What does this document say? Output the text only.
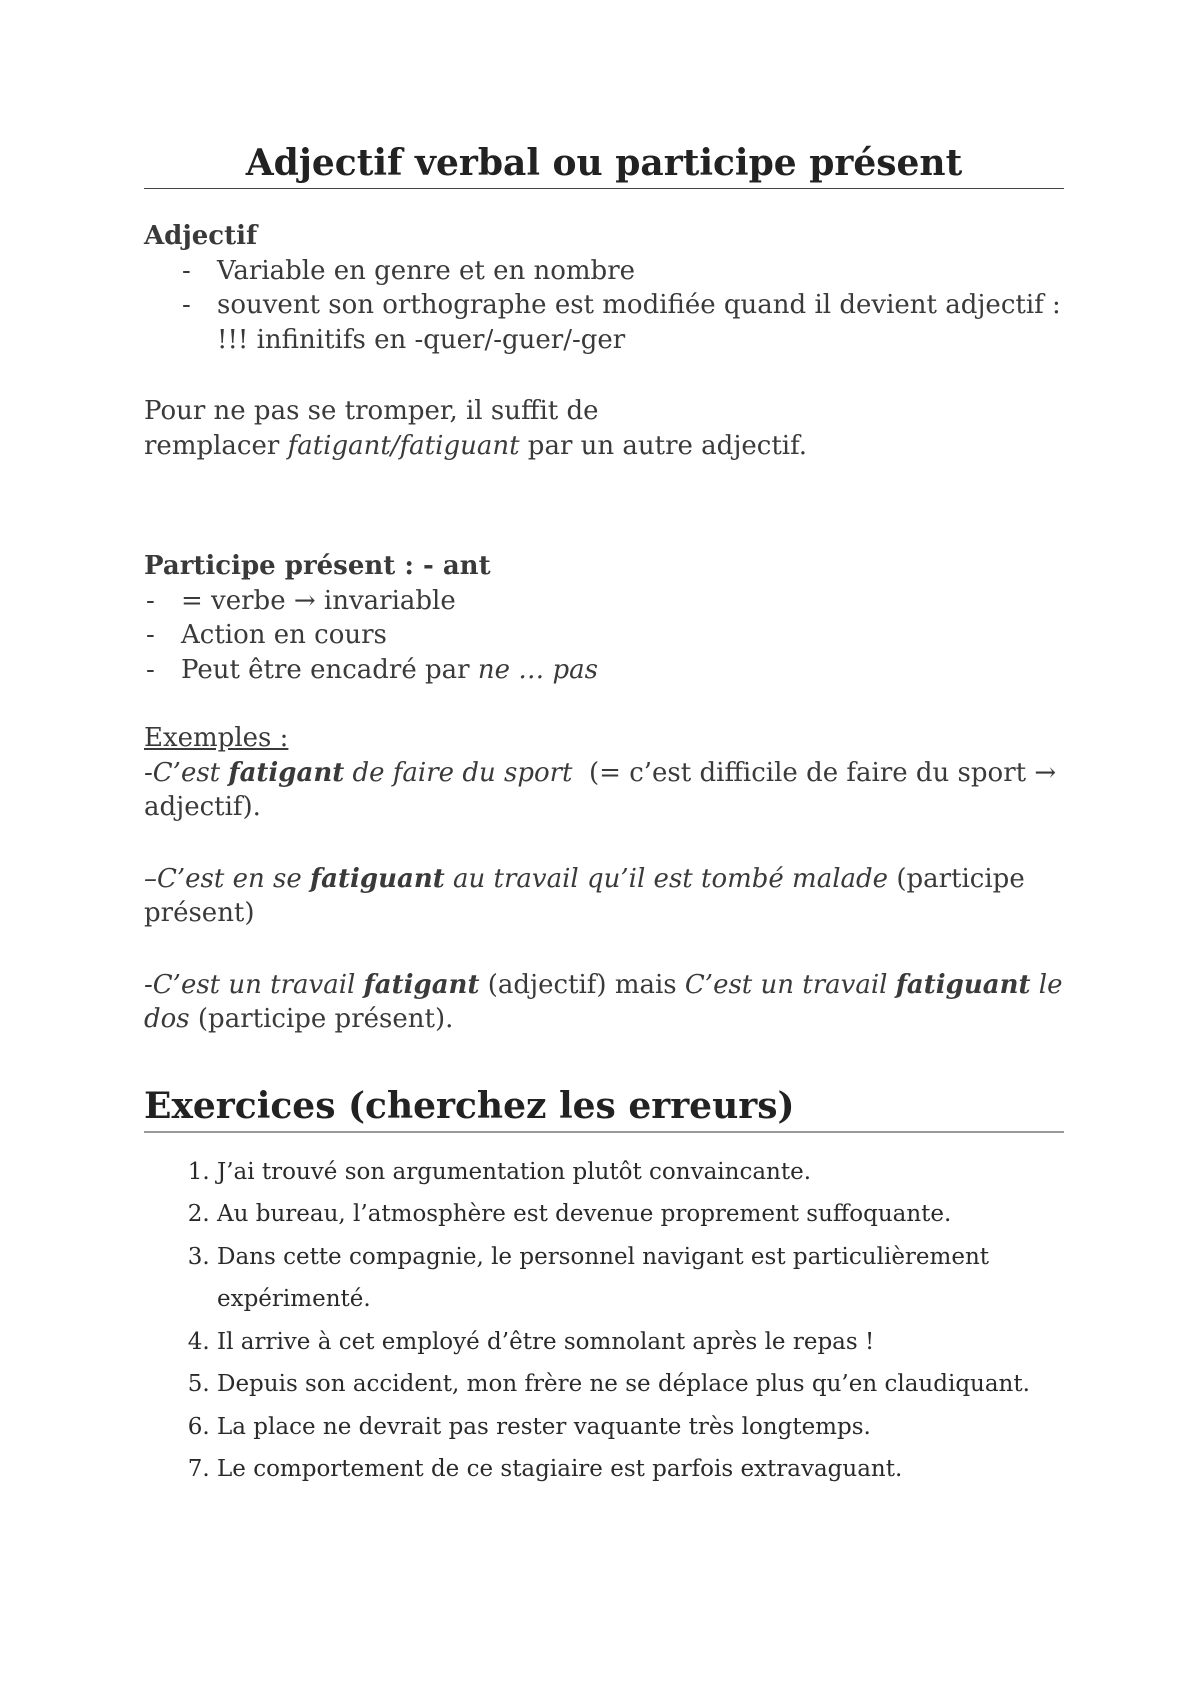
Adjectif verbal ou participe présent

Adjectif

- Variable en genre et en nombre
- souvent son orthographe est modifiée quand il devient adjectif : !!! infinitifs en -quer/-guer/-ger

Pour ne pas se tromper, il suffit de

remplacer fatigant/fatiguant par un autre adjectif.

Participe présent : - ant

- = verbe → invariable
- Action en cours
- Peut être encadré par ne … pas

Exemples :

-C’est fatigant de faire du sport  (= c’est difficile de faire du sport → adjectif).

–C’est en se fatiguant au travail qu’il est tombé malade (participe présent)

-C’est un travail fatigant (adjectif) mais C’est un travail fatiguant le dos (participe présent).

Exercices (cherchez les erreurs)
1. J’ai trouvé son argumentation plutôt convaincante.
2. Au bureau, l’atmosphère est devenue proprement suffoquante.
3. Dans cette compagnie, le personnel navigant est particulièrement expérimenté.
4. Il arrive à cet employé d’être somnolant après le repas !
5. Depuis son accident, mon frère ne se déplace plus qu’en claudiquant.
6. La place ne devrait pas rester vaquante très longtemps.
7. Le comportement de ce stagiaire est parfois extravaguant.
